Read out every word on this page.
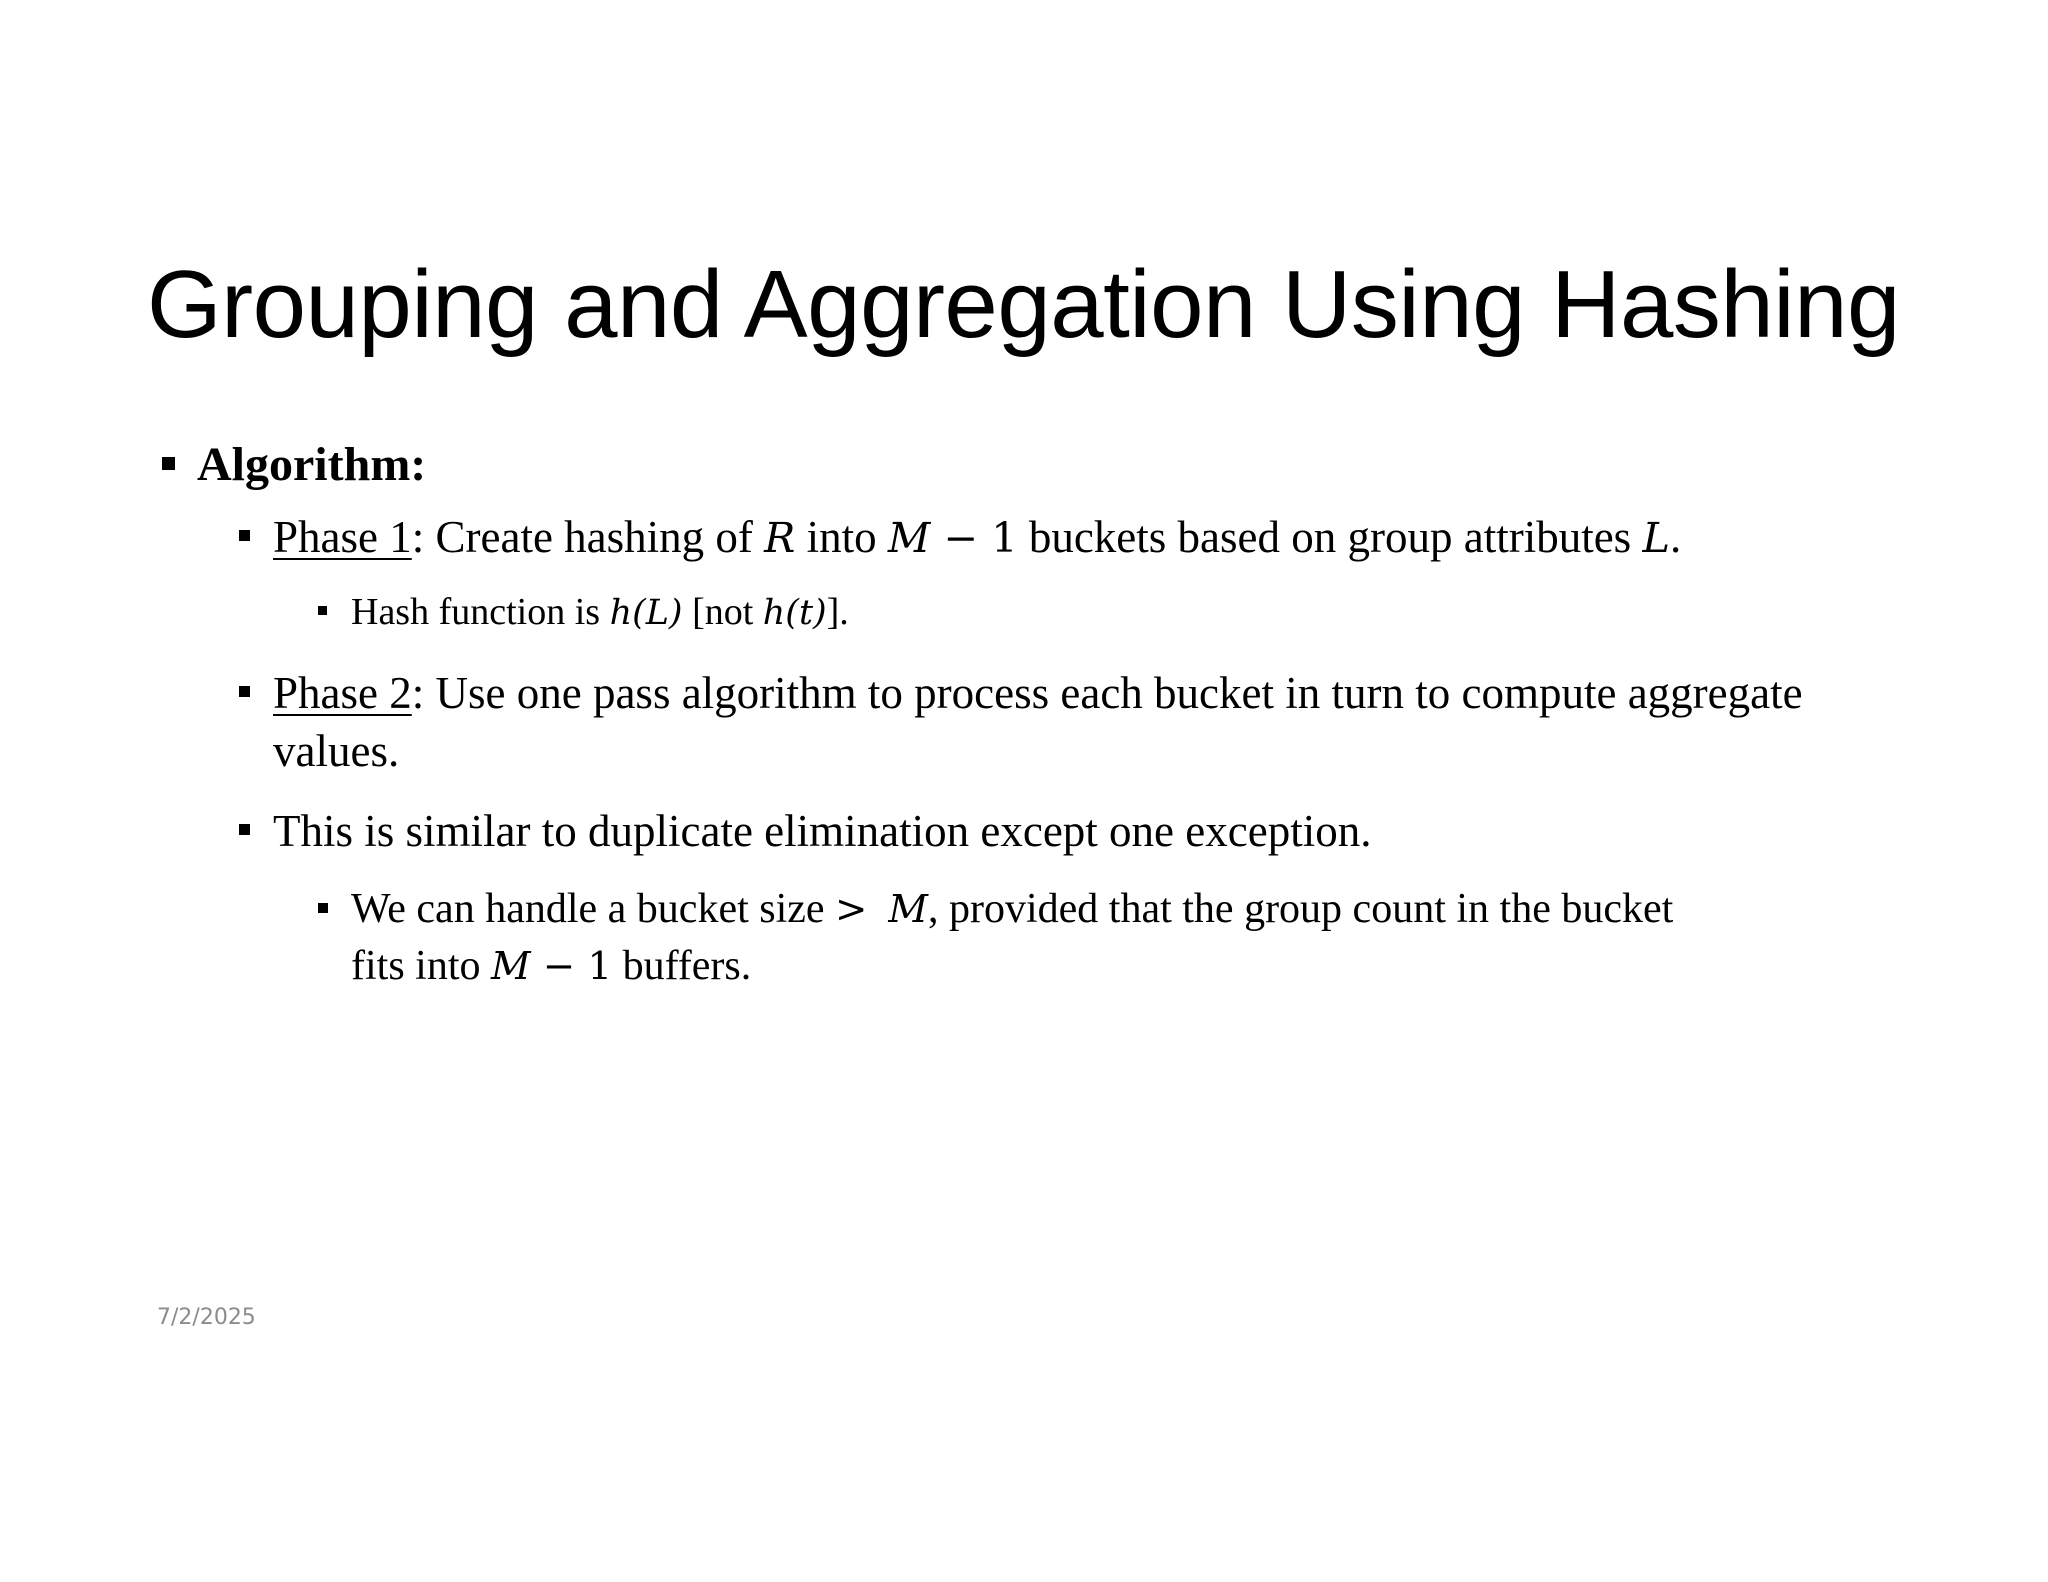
Grouping and Aggregation Using Hashing
Algorithm:
Phase 1: Create hashing of R into M − 1 buckets based on group attributes L.
Hash function is h(L) [not h(t)].
Phase 2: Use one pass algorithm to process each bucket in turn to compute aggregate
values.
This is similar to duplicate elimination except one exception.
We can handle a bucket size > M, provided that the group count in the bucket
fits into M − 1 buffers.
7/2/2025
